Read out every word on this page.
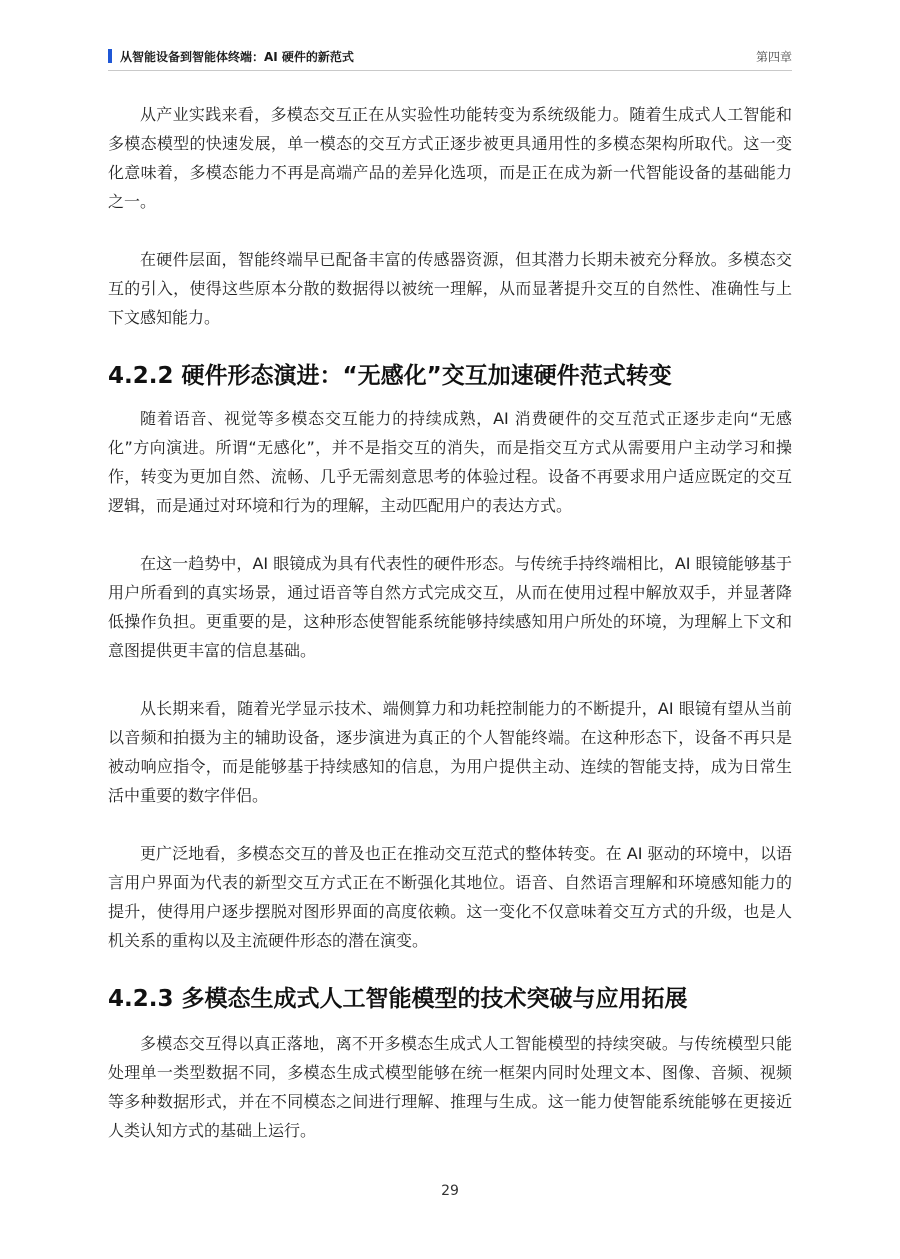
从智能设备到智能体终端：AI 硬件的新范式	第四章

从产业实践来看，多模态交互正在从实验性功能转变为系统级能力。随着生成式人工智能和多模态模型的快速发展，单一模态的交互方式正逐步被更具通用性的多模态架构所取代。这一变化意味着，多模态能力不再是高端产品的差异化选项，而是正在成为新一代智能设备的基础能力之一。

在硬件层面，智能终端早已配备丰富的传感器资源，但其潜力长期未被充分释放。多模态交互的引入，使得这些原本分散的数据得以被统一理解，从而显著提升交互的自然性、准确性与上下文感知能力。

4.2.2 硬件形态演进：“无感化”交互加速硬件范式转变

随着语音、视觉等多模态交互能力的持续成熟，AI 消费硬件的交互范式正逐步走向“无感化”方向演进。所谓“无感化”，并不是指交互的消失，而是指交互方式从需要用户主动学习和操作，转变为更加自然、流畅、几乎无需刻意思考的体验过程。设备不再要求用户适应既定的交互逻辑，而是通过对环境和行为的理解，主动匹配用户的表达方式。

在这一趋势中，AI 眼镜成为具有代表性的硬件形态。与传统手持终端相比，AI 眼镜能够基于用户所看到的真实场景，通过语音等自然方式完成交互，从而在使用过程中解放双手，并显著降低操作负担。更重要的是，这种形态使智能系统能够持续感知用户所处的环境，为理解上下文和意图提供更丰富的信息基础。

从长期来看，随着光学显示技术、端侧算力和功耗控制能力的不断提升，AI 眼镜有望从当前以音频和拍摄为主的辅助设备，逐步演进为真正的个人智能终端。在这种形态下，设备不再只是被动响应指令，而是能够基于持续感知的信息，为用户提供主动、连续的智能支持，成为日常生活中重要的数字伴侣。

更广泛地看，多模态交互的普及也正在推动交互范式的整体转变。在 AI 驱动的环境中，以语言用户界面为代表的新型交互方式正在不断强化其地位。语音、自然语言理解和环境感知能力的提升，使得用户逐步摆脱对图形界面的高度依赖。这一变化不仅意味着交互方式的升级，也是人机关系的重构以及主流硬件形态的潜在演变。

4.2.3 多模态生成式人工智能模型的技术突破与应用拓展

多模态交互得以真正落地，离不开多模态生成式人工智能模型的持续突破。与传统模型只能处理单一类型数据不同，多模态生成式模型能够在统一框架内同时处理文本、图像、音频、视频等多种数据形式，并在不同模态之间进行理解、推理与生成。这一能力使智能系统能够在更接近人类认知方式的基础上运行。

29
